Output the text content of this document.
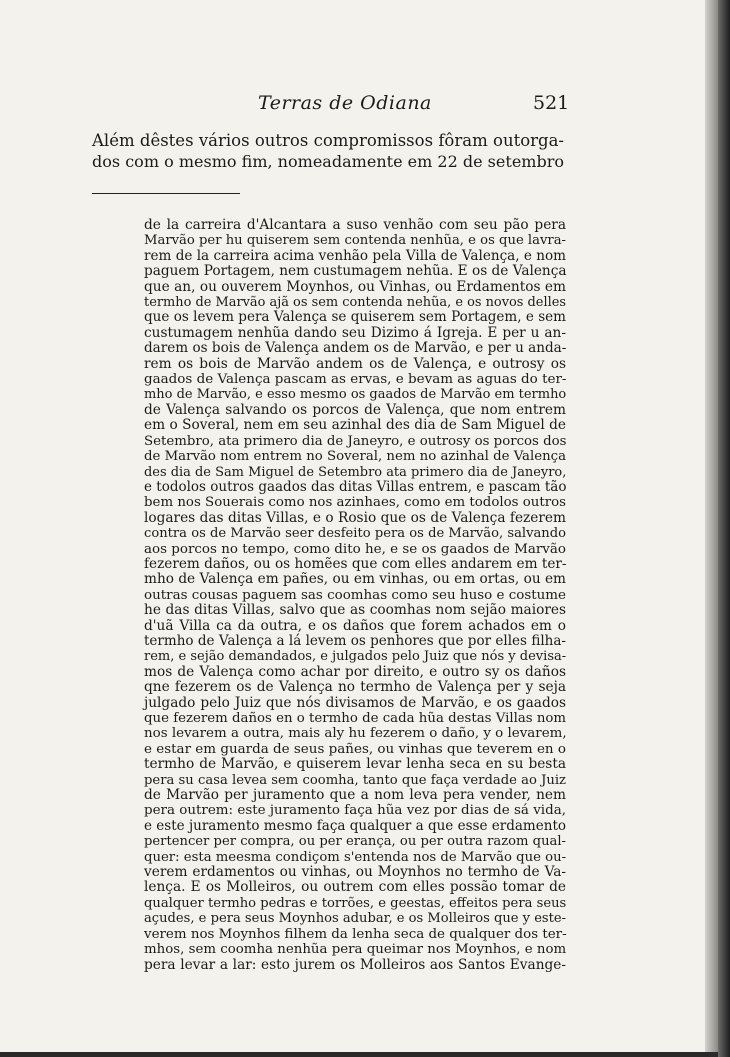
Terras de Odiana	521
Além dêstes vários outros compromissos fôram outorga-
dos com o mesmo fim, nomeadamente em 22 de setembro
de la carreira d'Alcantara a suso venhão com seu pão pera
Marvão per hu quiserem sem contenda nenhũa, e os que lavra-
rem de la carreira acima venhão pela Villa de Valença, e nom
paguem Portagem, nem custumagem nehũa. E os de Valença
que an, ou ouverem Moynhos, ou Vinhas, ou Erdamentos em
termho de Marvão ajã os sem contenda nehũa, e os novos delles
que os levem pera Valença se quiserem sem Portagem, e sem
custumagem nenhũa dando seu Dizimo á Igreja. E per u an-
darem os bois de Valença andem os de Marvão, e per u anda-
rem os bois de Marvão andem os de Valença, e outrosy os
gaados de Valença pascam as ervas, e bevam as aguas do ter-
mho de Marvão, e esso mesmo os gaados de Marvão em termho
de Valença salvando os porcos de Valença, que nom entrem
em o Soveral, nem em seu azinhal des dia de Sam Miguel de
Setembro, ata primero dia de Janeyro, e outrosy os porcos dos
de Marvão nom entrem no Soveral, nem no azinhal de Valença
des dia de Sam Miguel de Setembro ata primero dia de Janeyro,
e todolos outros gaados das ditas Villas entrem, e pascam tão
bem nos Souerais como nos azinhaes, como em todolos outros
logares das ditas Villas, e o Rosio que os de Valença fezerem
contra os de Marvão seer desfeito pera os de Marvão, salvando
aos porcos no tempo, como dito he, e se os gaados de Marvão
fezerem daños, ou os homẽes que com elles andarem em ter-
mho de Valença em pañes, ou em vinhas, ou em ortas, ou em
outras cousas paguem sas coomhas como seu huso e costume
he das ditas Villas, salvo que as coomhas nom sejão maiores
d'uã Villa ca da outra, e os daños que forem achados em o
termho de Valença a lá levem os penhores que por elles filha-
rem, e sejão demandados, e julgados pelo Juiz que nós y devisa-
mos de Valença como achar por direito, e outro sy os daños
qne fezerem os de Valença no termho de Valença per y seja
julgado pelo Juiz que nós divisamos de Marvão, e os gaados
que fezerem daños en o termho de cada hũa destas Villas nom
nos levarem a outra, mais aly hu fezerem o daño, y o levarem,
e estar em guarda de seus pañes, ou vinhas que teverem en o
termho de Marvão, e quiserem levar lenha seca en su besta
pera su casa levea sem coomha, tanto que faça verdade ao Juiz
de Marvão per juramento que a nom leva pera vender, nem
pera outrem: este juramento faça hũa vez por dias de sá vida,
e este juramento mesmo faça qualquer a que esse erdamento
pertencer per compra, ou per erança, ou per outra razom qual-
quer: esta meesma condiçom s'entenda nos de Marvão que ou-
verem erdamentos ou vinhas, ou Moynhos no termho de Va-
lença. E os Molleiros, ou outrem com elles possão tomar de
qualquer termho pedras e torrões, e geestas, effeitos pera seus
açudes, e pera seus Moynhos adubar, e os Molleiros que y este-
verem nos Moynhos filhem da lenha seca de qualquer dos ter-
mhos, sem coomha nenhũa pera queimar nos Moynhos, e nom
pera levar a lar: esto jurem os Molleiros aos Santos Evange-
